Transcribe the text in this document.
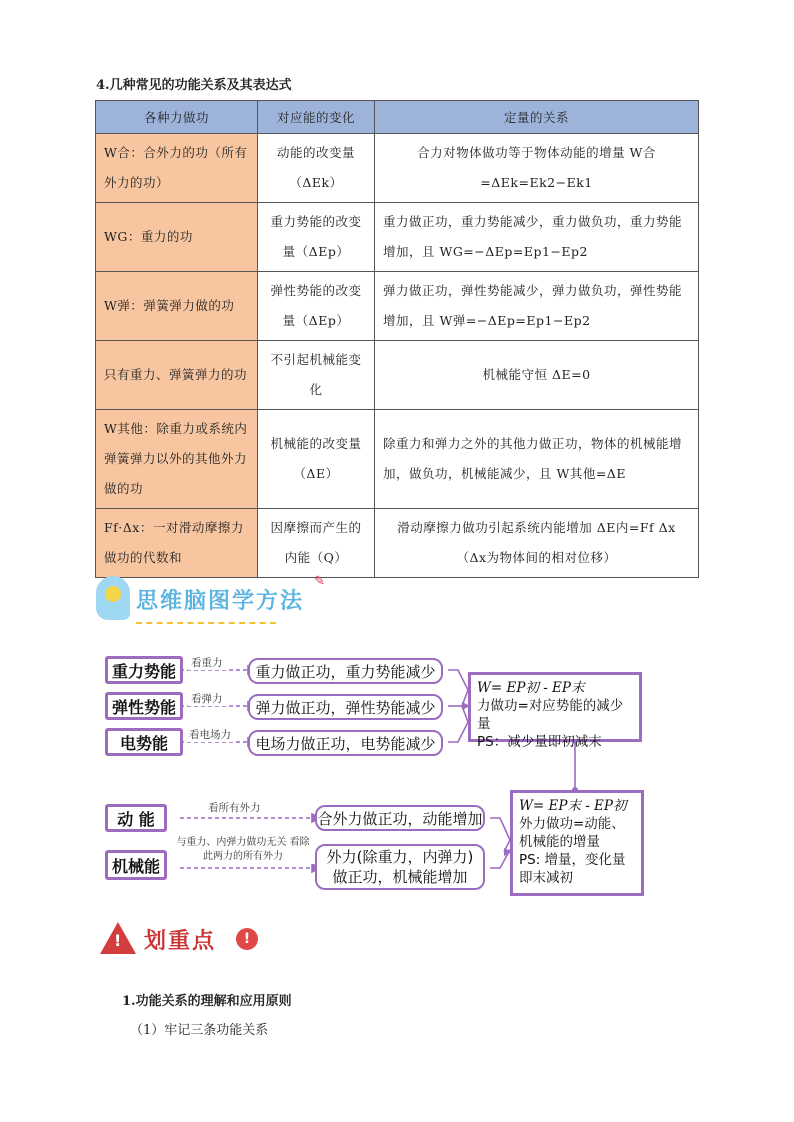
4.几种常见的功能关系及其表达式
各种力做功	对应能的变化	定量的关系
W合：合外力的功（所有外力的功）	动能的改变量（ΔEk）	合力对物体做功等于物体动能的增量 W合=ΔEk=Ek2−Ek1
WG：重力的功	重力势能的改变量（ΔEp）	重力做正功，重力势能减少，重力做负功，重力势能增加，且 WG=−ΔEp=Ep1−Ep2
W弹：弹簧弹力做的功	弹性势能的改变量（ΔEp）	弹力做正功，弹性势能减少，弹力做负功，弹性势能增加，且 W弹=−ΔEp=Ep1−Ep2
只有重力、弹簧弹力的功	不引起机械能变化	机械能守恒 ΔE=0
W其他：除重力或系统内弹簧弹力以外的其他外力做的功	机械能的改变量（ΔE）	除重力和弹力之外的其他力做正功，物体的机械能增加，做负功，机械能减少，且 W其他=ΔE
Ff·Δx：一对滑动摩擦力做功的代数和	因摩擦而产生的内能（Q）	滑动摩擦力做功引起系统内能增加 ΔE内=Ff Δx（Δx为物体间的相对位移）
思维脑图学方法
✎
重力势能	看重力	重力做正功，重力势能减少
弹性势能	看弹力	弹力做正功，弹性势能减少
电势能	看电场力	电场力做正功，电势能减少
W= EP初 - EP末
力做功=对应势能的减少量
PS：减少量即初减末
动 能
看所有外力
合外力做正功，动能增加
机械能
与重力、内弹力做功无关 看除此两力的所有外力	外力(除重力，内弹力) 做正功，机械能增加
W= EP末 - EP初
外力做功=动能、机械能的增量
PS: 增量，变化量即末减初
! 划重点	!
1.功能关系的理解和应用原则
（1）牢记三条功能关系
